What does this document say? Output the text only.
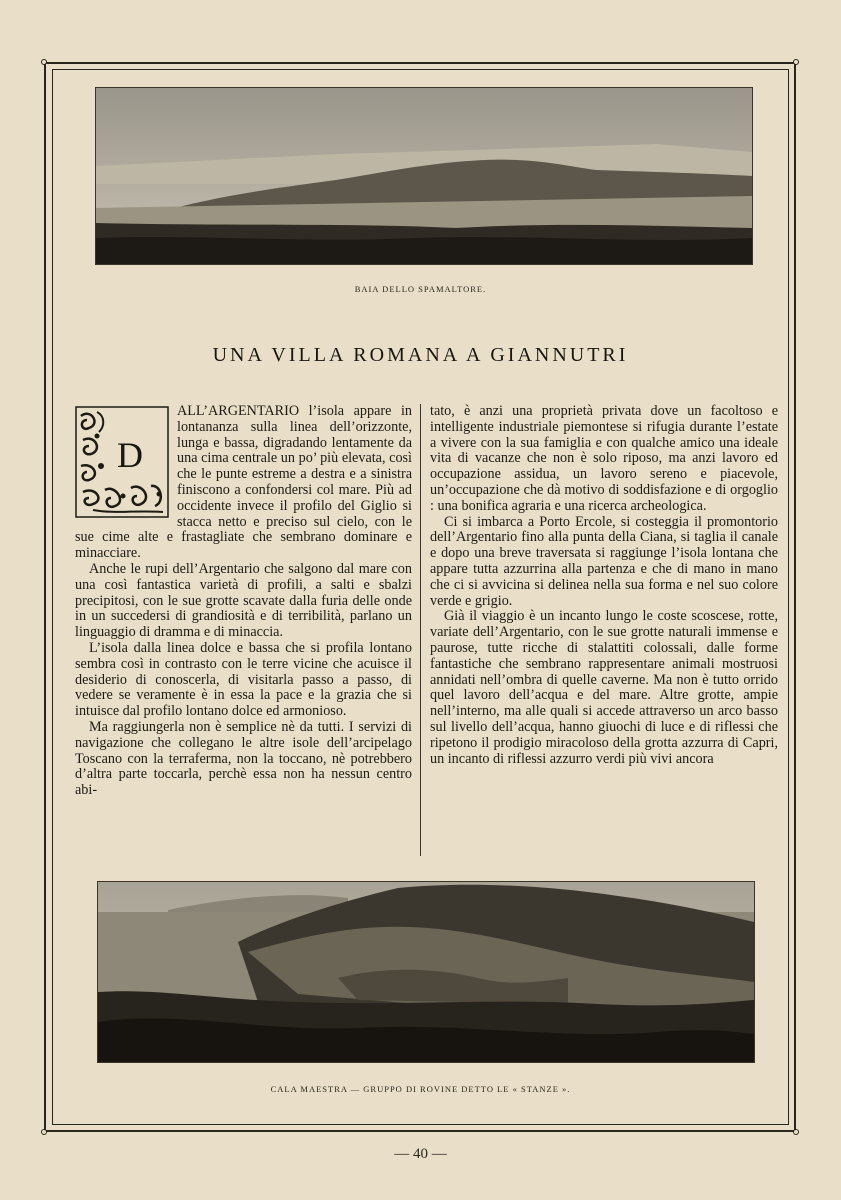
BAIA DELLO SPAMALTORE.
UNA VILLA ROMANA A GIANNUTRI
D

ALL’ARGENTARIO l’isola appare in lontananza sulla linea dell’orizzonte, lunga e bassa, digradando lentamente da una cima centrale un po’ più elevata, così che le punte estreme a destra e a sinistra finiscono a confondersi col mare. Più ad occidente invece il profilo del Giglio si stacca netto e preciso sul cielo, con le sue cime alte e frastagliate che sembrano dominare e minacciare.

Anche le rupi dell’Argentario che salgono dal mare con una così fantastica varietà di profili, a salti e sbalzi precipitosi, con le sue grotte scavate dalla furia delle onde in un succedersi di grandiosità e di terribilità, parlano un linguaggio di dramma e di minaccia.

L’isola dalla linea dolce e bassa che si profila lontano sembra così in contrasto con le terre vicine che acuisce il desiderio di conoscerla, di visitarla passo a passo, di vedere se veramente è in essa la pace e la grazia che si intuisce dal profilo lontano dolce ed armonioso.

Ma raggiungerla non è semplice nè da tutti. I servizi di navigazione che collegano le altre isole dell’arcipelago Toscano con la terraferma, non la toccano, nè potrebbero d’altra parte toccarla, perchè essa non ha nessun centro abi-

tato, è anzi una proprietà privata dove un facoltoso e intelligente industriale piemontese si rifugia durante l’estate a vivere con la sua famiglia e con qualche amico una ideale vita di vacanze che non è solo riposo, ma anzi lavoro ed occupazione assidua, un lavoro sereno e piacevole, un’occupazione che dà motivo di soddisfazione e di orgoglio : una bonifica agraria e una ricerca archeologica.

Ci si imbarca a Porto Ercole, si costeggia il promontorio dell’Argentario fino alla punta della Ciana, si taglia il canale e dopo una breve traversata si raggiunge l’isola lontana che appare tutta azzurrina alla partenza e che di mano in mano che ci si avvicina si delinea nella sua forma e nel suo colore verde e grigio.

Già il viaggio è un incanto lungo le coste scoscese, rotte, variate dell’Argentario, con le sue grotte naturali immense e paurose, tutte ricche di stalattiti colossali, dalle forme fantastiche che sembrano rappresentare animali mostruosi annidati nell’ombra di quelle caverne. Ma non è tutto orrido quel lavoro dell’acqua e del mare. Altre grotte, ampie nell’interno, ma alle quali si accede attraverso un arco basso sul livello dell’acqua, hanno giuochi di luce e di riflessi che ripetono il prodigio miracoloso della grotta azzurra di Capri, un incanto di riflessi azzurro verdi più vivi ancora

CALA MAESTRA — GRUPPO DI ROVINE DETTO LE « STANZE ».
— 40 —
